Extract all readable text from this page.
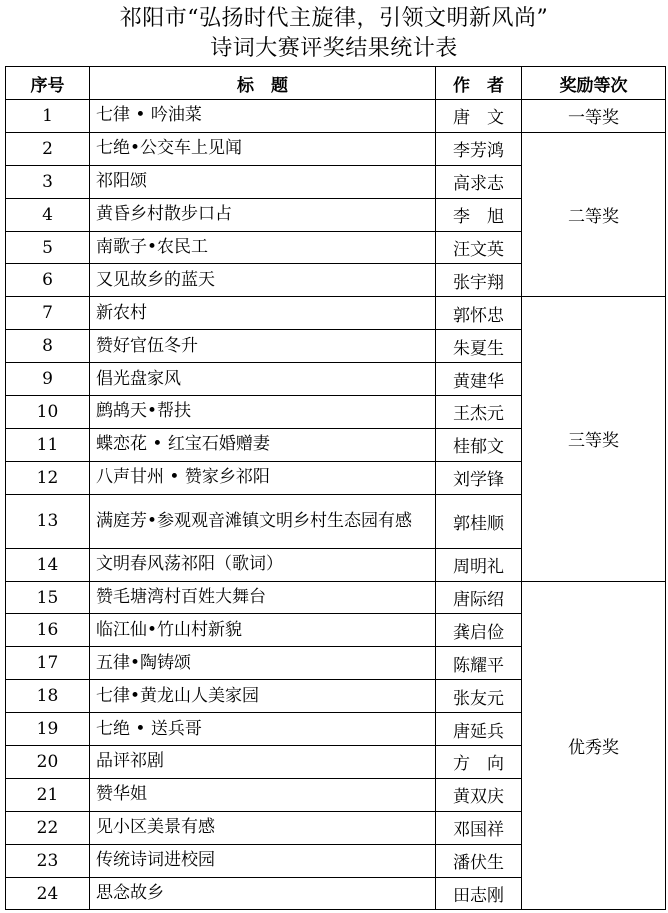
祁阳市“弘扬时代主旋律，引领文明新风尚”
诗词大赛评奖结果统计表
序号	标　题	作　者	奖励等次
1	七律 • 吟油菜	唐　文	一等奖
2	七绝•公交车上见闻	李芳鸿	二等奖
3	祁阳颂	高求志	
4	黄昏乡村散步口占	李　旭	
5	南歌子•农民工	汪文英	
6	又见故乡的蓝天	张宇翔	
7	新农村	郭怀忠	三等奖
8	赞好官伍冬升	朱夏生	
9	倡光盘家风	黄建华	
10	鹧鸪天•帮扶	王杰元	
11	蝶恋花 • 红宝石婚赠妻	桂郁文	
12	八声甘州 • 赞家乡祁阳	刘学锋	
13	满庭芳•参观观音滩镇文明乡村生态园有感	郭桂顺	
14	文明春风荡祁阳（歌词）	周明礼	
15	赞毛塘湾村百姓大舞台	唐际绍	优秀奖
16	临江仙•竹山村新貌	龚启俭	
17	五律•陶铸颂	陈耀平	
18	七律•黄龙山人美家园	张友元	
19	七绝 • 送兵哥	唐延兵	
20	品评祁剧	方　向	
21	赞华姐	黄双庆	
22	见小区美景有感	邓国祥	
23	传统诗词进校园	潘伏生	
24	思念故乡	田志刚	
